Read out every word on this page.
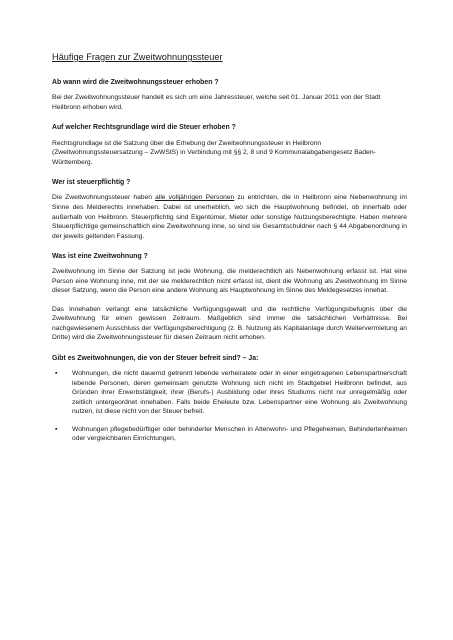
Häufige Fragen zur Zweitwohnungssteuer
Ab wann wird die Zweitwohnungssteuer erhoben ?

Bei der Zweitwohnungssteuer handelt es sich um eine Jahressteuer, welche seit 01. Januar 2011 von der Stadt Heilbronn erhoben wird.

Auf welcher Rechtsgrundlage wird die Steuer erhoben ?

Rechtsgrundlage ist die Satzung über die Erhebung der Zweitwohnungssteuer in Heilbronn (Zweitwohnungssteuersatzung – ZwWStS) in Verbindung mit §§ 2, 8 und 9 Kommunalabgabengesetz Baden-Württemberg.

Wer ist steuerpflichtig ?

Die Zweitwohnungssteuer haben alle volljährigen Personen zu entrichten, die in Heilbronn eine Nebenwohnung im Sinne des Melderechts innehaben. Dabei ist unerheblich, wo sich die Hauptwohnung befindet, ob innerhalb oder außerhalb von Heilbronn. Steuerpflichtig sind Eigentümer, Mieter oder sonstige Nutzungsberechtigte. Haben mehrere Steuerpflichtige gemeinschaftlich eine Zweitwohnung inne, so sind sie Gesamtschuldner nach § 44 Abgabenordnung in der jeweils geltenden Fassung.

Was ist eine Zweitwohnung ?

Zweitwohnung im Sinne der Satzung ist jede Wohnung, die melderechtlich als Nebenwohnung erfasst ist. Hat eine Person eine Wohnung inne, mit der sie melderechtlich nicht erfasst ist, dient die Wohnung als Zweitwohnung im Sinne dieser Satzung, wenn die Person eine andere Wohnung als Hauptwohnung im Sinne des Meldegesetzes innehat.

Das Innehaben verlangt eine tatsächliche Verfügungsgewalt und die rechtliche Verfügungsbefugnis über die Zweitwohnung für einen gewissen Zeitraum. Maßgeblich sind immer die tatsächlichen Verhältnisse. Bei nachgewiesenem Ausschluss der Verfügungsberechtigung (z. B. Nutzung als Kapitalanlage durch Weitervermietung an Dritte) wird die Zweitwohnungssteuer für diesen Zeitraum nicht erhoben.

Gibt es Zweitwohnungen, die von der Steuer befreit sind? – Ja:
▪ Wohnungen, die nicht dauernd getrennt lebende verheiratete oder in einer eingetragenen Lebenspartnerschaft lebende Personen, deren gemeinsam genutzte Wohnung sich nicht im Stadtgebiet Heilbronn befindet, aus Gründen ihrer Erwerbstätigkeit, ihrer (Berufs-) Ausbildung oder ihres Studiums nicht nur unregelmäßig oder zeitlich untergeordnet innehaben. Falls beide Eheleute bzw. Lebenspartner eine Wohnung als Zweitwohnung nutzen, ist diese nicht von der Steuer befreit.
▪ Wohnungen pflegebedürftiger oder behinderter Menschen in Altenwohn- und Pflegeheimen, Behindertenheimen oder vergleichbaren Einrichtungen,
